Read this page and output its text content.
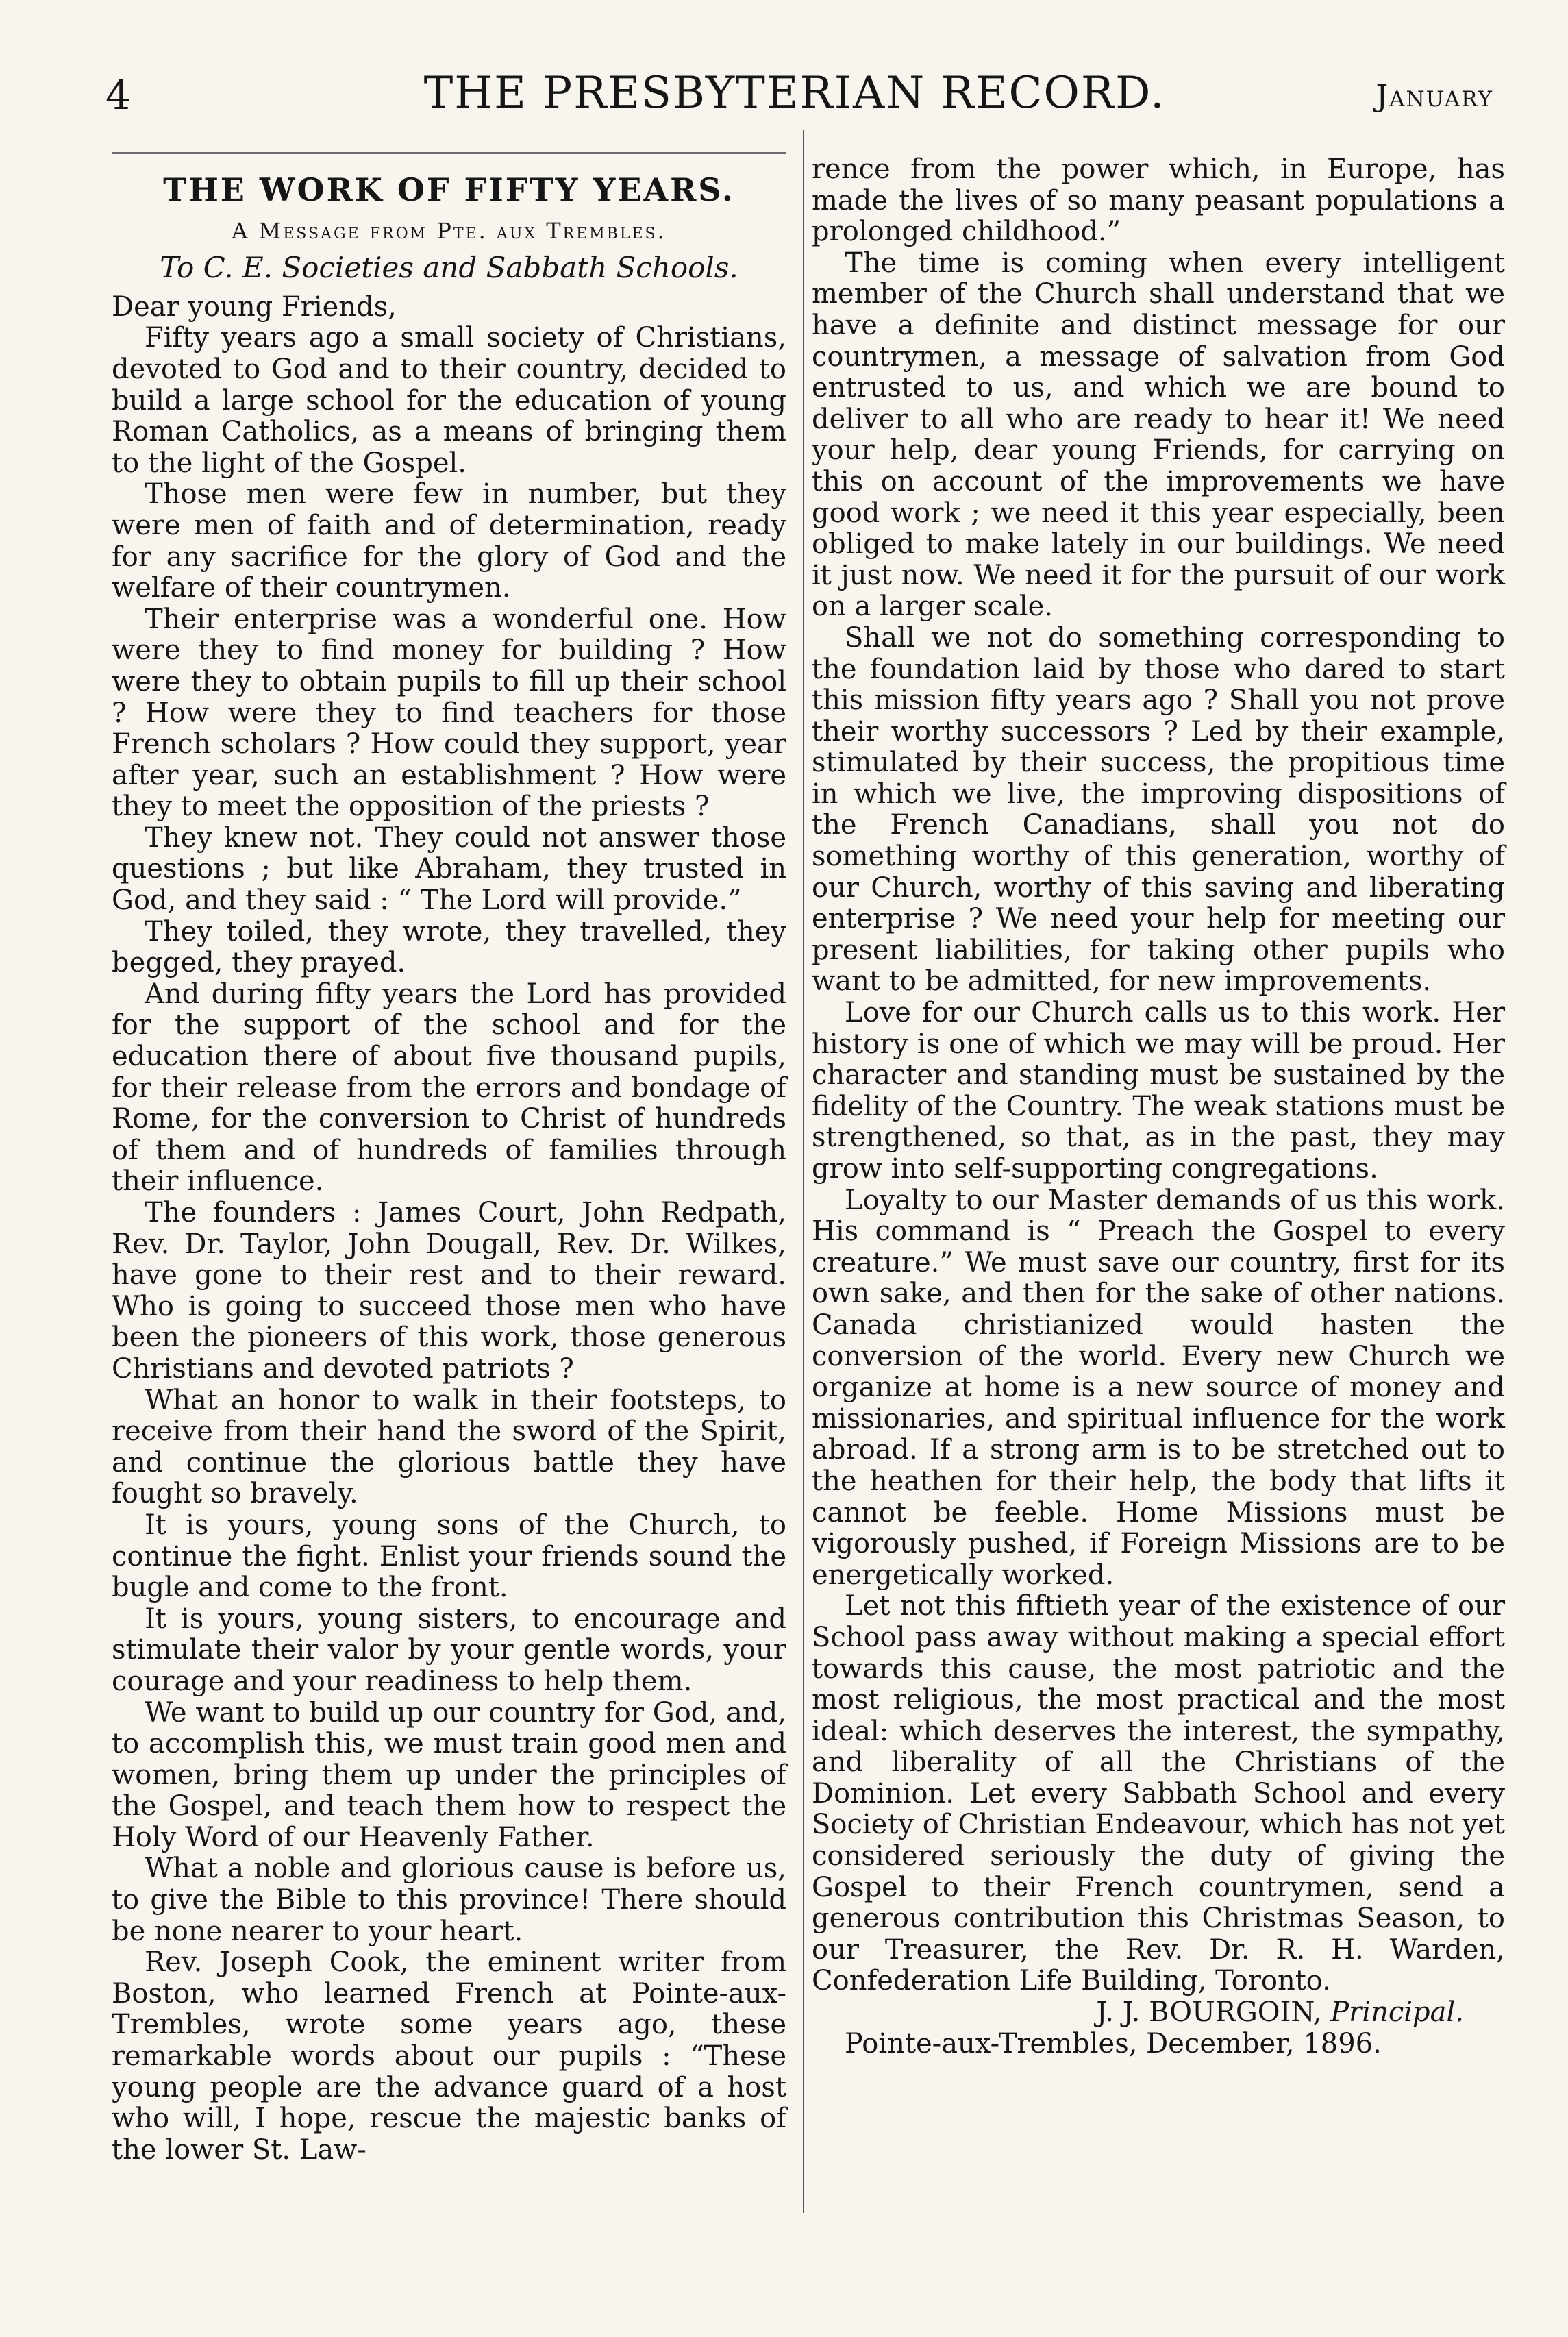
4	THE PRESBYTERIAN RECORD.	January
THE WORK OF FIFTY YEARS.
A Message from Pte. aux Trembles.
To C. E. Societies and Sabbath Schools.

Dear young Friends,

Fifty years ago a small society of Christians, devoted to God and to their country, decided to build a large school for the education of young Roman Catholics, as a means of bringing them to the light of the Gospel.

Those men were few in number, but they were men of faith and of determination, ready for any sacrifice for the glory of God and the welfare of their countrymen.

Their enterprise was a wonderful one. How were they to find money for building ? How were they to obtain pupils to fill up their school ? How were they to find teachers for those French scholars ? How could they support, year after year, such an establishment ? How were they to meet the opposition of the priests ?

They knew not. They could not answer those questions ; but like Abraham, they trusted in God, and they said : “ The Lord will provide.”

They toiled, they wrote, they travelled, they begged, they prayed.

And during fifty years the Lord has provided for the support of the school and for the education there of about five thousand pupils, for their release from the errors and bondage of Rome, for the conversion to Christ of hundreds of them and of hundreds of families through their influence.

The founders : James Court, John Redpath, Rev. Dr. Taylor, John Dougall, Rev. Dr. Wilkes, have gone to their rest and to their reward. Who is going to succeed those men who have been the pioneers of this work, those generous Christians and devoted patriots ?

What an honor to walk in their footsteps, to receive from their hand the sword of the Spirit, and continue the glorious battle they have fought so bravely.

It is yours, young sons of the Church, to continue the fight. Enlist your friends sound the bugle and come to the front.

It is yours, young sisters, to encourage and stimulate their valor by your gentle words, your courage and your readiness to help them.

We want to build up our country for God, and, to accomplish this, we must train good men and women, bring them up under the principles of the Gospel, and teach them how to respect the Holy Word of our Heavenly Father.

What a noble and glorious cause is before us, to give the Bible to this province! There should be none nearer to your heart.

Rev. Joseph Cook, the eminent writer from Boston, who learned French at Pointe-aux-Trembles, wrote some years ago, these remarkable words about our pupils : “These young people are the advance guard of a host who will, I hope, rescue the majestic banks of the lower St. Law-

rence from the power which, in Europe, has made the lives of so many peasant populations a prolonged childhood.”

The time is coming when every intelligent member of the Church shall understand that we have a definite and distinct message for our countrymen, a message of salvation from God entrusted to us, and which we are bound to deliver to all who are ready to hear it! We need your help, dear young Friends, for carrying on this on account of the improvements we have good work ; we need it this year especially, been obliged to make lately in our buildings. We need it just now. We need it for the pursuit of our work on a larger scale.

Shall we not do something corresponding to the foundation laid by those who dared to start this mission fifty years ago ? Shall you not prove their worthy successors ? Led by their example, stimulated by their success, the propitious time in which we live, the improving dispositions of the French Canadians, shall you not do something worthy of this generation, worthy of our Church, worthy of this saving and liberating enterprise ? We need your help for meeting our present liabilities, for taking other pupils who want to be admitted, for new improvements.

Love for our Church calls us to this work. Her history is one of which we may will be proud. Her character and standing must be sustained by the fidelity of the Country. The weak stations must be strengthened, so that, as in the past, they may grow into self-supporting congregations.

Loyalty to our Master demands of us this work. His command is “ Preach the Gospel to every creature.” We must save our country, first for its own sake, and then for the sake of other nations. Canada christianized would hasten the conversion of the world. Every new Church we organize at home is a new source of money and missionaries, and spiritual influence for the work abroad. If a strong arm is to be stretched out to the heathen for their help, the body that lifts it cannot be feeble. Home Missions must be vigorously pushed, if Foreign Missions are to be energetically worked.

Let not this fiftieth year of the existence of our School pass away without making a special effort towards this cause, the most patriotic and the most religious, the most practical and the most ideal: which deserves the interest, the sympathy, and liberality of all the Christians of the Dominion. Let every Sabbath School and every Society of Christian Endeavour, which has not yet considered seriously the duty of giving the Gospel to their French countrymen, send a generous contribution this Christmas Season, to our Treasurer, the Rev. Dr. R. H. Warden, Confederation Life Building, Toronto.

J. J. BOURGOIN, Principal.

Pointe-aux-Trembles, December, 1896.
